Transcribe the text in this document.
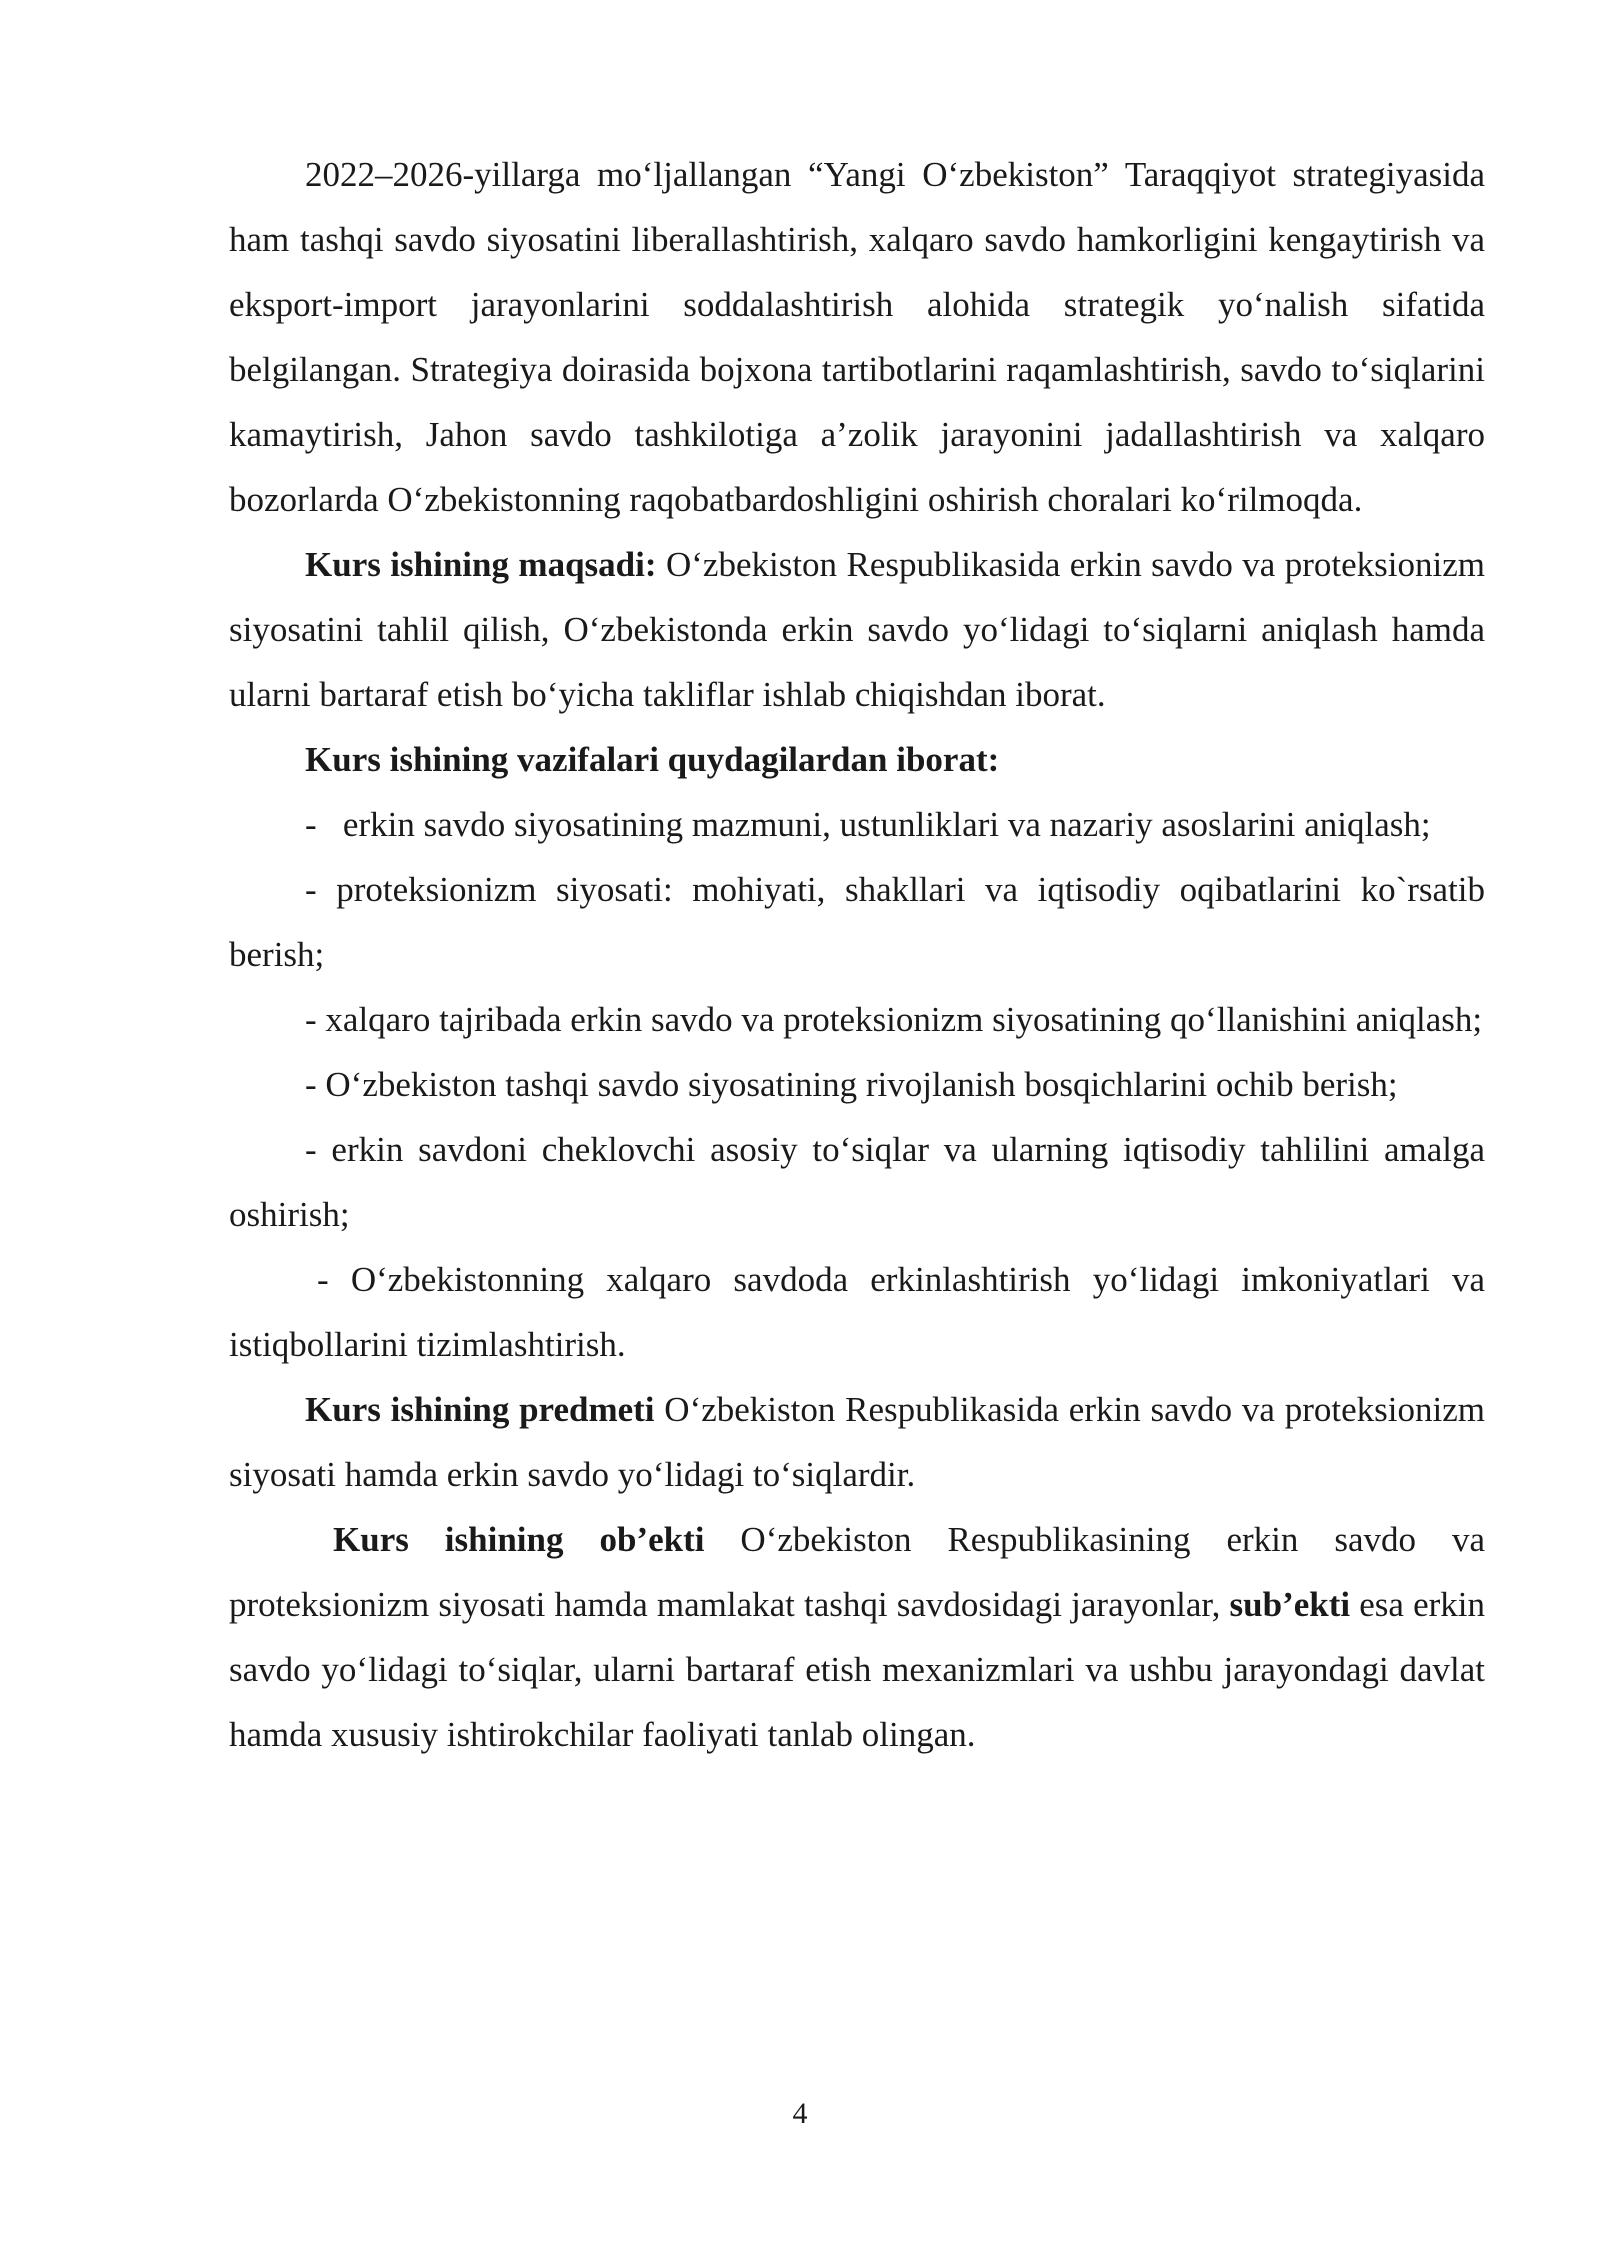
2022–2026-yillarga mo‘ljallangan “Yangi O‘zbekiston” Taraqqiyot strategiyasida ham tashqi savdo siyosatini liberallashtirish, xalqaro savdo hamkorligini kengaytirish va eksport-import jarayonlarini soddalashtirish alohida strategik yo‘nalish sifatida belgilangan. Strategiya doirasida bojxona tartibotlarini raqamlashtirish, savdo to‘siqlarini kamaytirish, Jahon savdo tashkilotiga a’zolik jarayonini jadallashtirish va xalqaro bozorlarda O‘zbekistonning raqobatbardoshligini oshirish choralari ko‘rilmoqda.

Kurs ishining maqsadi: O‘zbekiston Respublikasida erkin savdo va proteksionizm siyosatini tahlil qilish, O‘zbekistonda erkin savdo yo‘lidagi to‘siqlarni aniqlash hamda ularni bartaraf etish bo‘yicha takliflar ishlab chiqishdan iborat.

Kurs ishining vazifalari quydagilardan iborat:

-   erkin savdo siyosatining mazmuni, ustunliklari va nazariy asoslarini aniqlash;

- proteksionizm siyosati: mohiyati, shakllari va iqtisodiy oqibatlarini ko`rsatib berish;

- xalqaro tajribada erkin savdo va proteksionizm siyosatining qo‘llanishini aniqlash;

- O‘zbekiston tashqi savdo siyosatining rivojlanish bosqichlarini ochib berish;

- erkin savdoni cheklovchi asosiy to‘siqlar va ularning iqtisodiy tahlilini amalga oshirish;

- O‘zbekistonning xalqaro savdoda erkinlashtirish yo‘lidagi imkoniyatlari va istiqbollarini tizimlashtirish.

Kurs ishining predmeti O‘zbekiston Respublikasida erkin savdo va proteksionizm siyosati hamda erkin savdo yo‘lidagi to‘siqlardir.

Kurs ishining ob’ekti O‘zbekiston Respublikasining erkin savdo va proteksionizm siyosati hamda mamlakat tashqi savdosidagi jarayonlar, sub’ekti esa erkin savdo yo‘lidagi to‘siqlar, ularni bartaraf etish mexanizmlari va ushbu jarayondagi davlat hamda xususiy ishtirokchilar faoliyati tanlab olingan.

4
